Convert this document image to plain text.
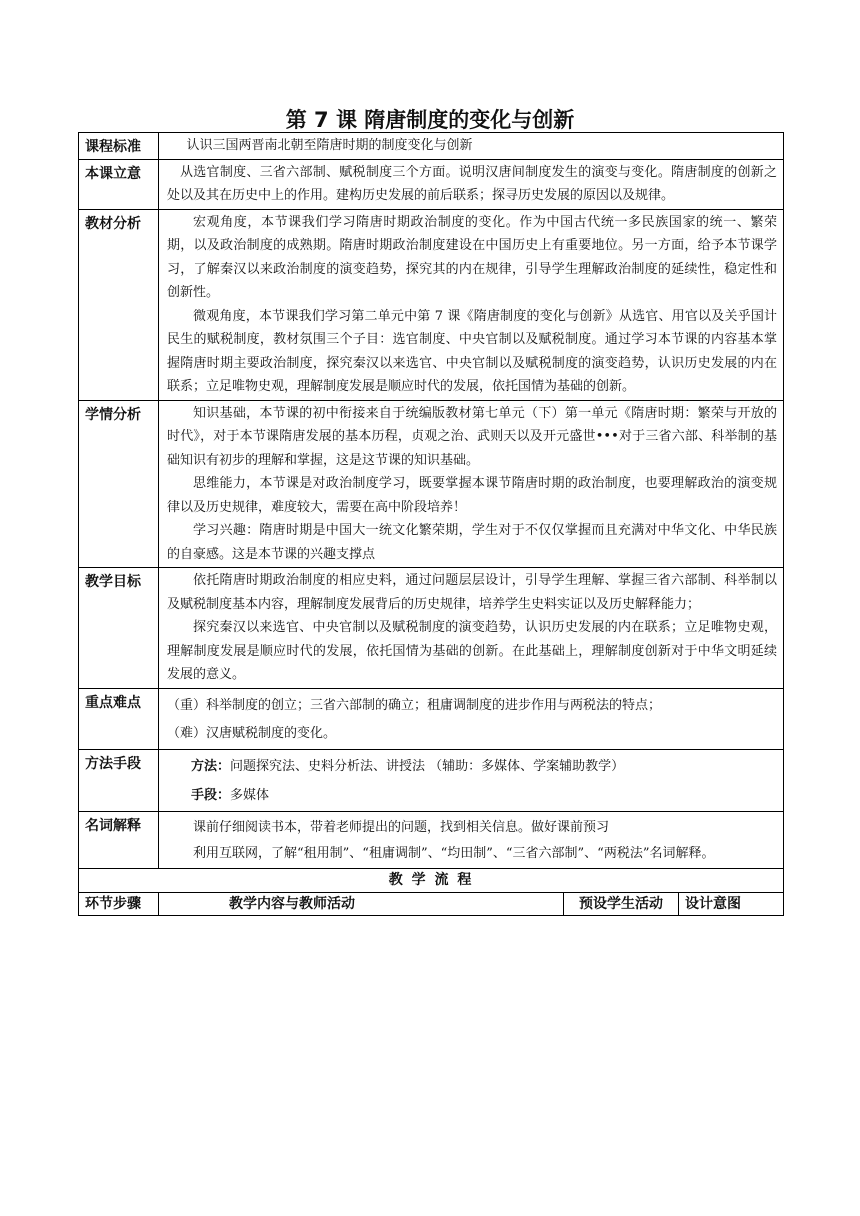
第 7 课 隋唐制度的变化与创新
课程标准	认识三国两晋南北朝至隋唐时期的制度变化与创新		

本课立意	从选官制度、三省六部制、赋税制度三个方面。说明汉唐间制度发生的演变与变化。隋唐制度的创新之处以及其在历史中上的作用。建构历史发展的前后联系；探寻历史发展的原因以及规律。		

教材分析	宏观角度，本节课我们学习隋唐时期政治制度的变化。作为中国古代统一多民族国家的统一、繁荣期，以及政治制度的成熟期。隋唐时期政治制度建设在中国历史上有重要地位。另一方面，给予本节课学习，了解秦汉以来政治制度的演变趋势，探究其的内在规律，引导学生理解政治制度的延续性，稳定性和创新性。

微观角度，本节课我们学习第二单元中第 7 课《隋唐制度的变化与创新》从选官、用官以及关乎国计民生的赋税制度，教材氛围三个子目：选官制度、中央官制以及赋税制度。通过学习本节课的内容基本掌握隋唐时期主要政治制度，探究秦汉以来选官、中央官制以及赋税制度的演变趋势，认识历史发展的内在联系；立足唯物史观，理解制度发展是顺应时代的发展，依托国情为基础的创新。		

学情分析	知识基础，本节课的初中衔接来自于统编版教材第七单元（下）第一单元《隋唐时期：繁荣与开放的时代》，对于本节课隋唐发展的基本历程，贞观之治、武则天以及开元盛世•••对于三省六部、科举制的基础知识有初步的理解和掌握，这是这节课的知识基础。

思维能力，本节课是对政治制度学习，既要掌握本课节隋唐时期的政治制度，也要理解政治的演变规律以及历史规律，难度较大，需要在高中阶段培养！

学习兴趣：隋唐时期是中国大一统文化繁荣期，学生对于不仅仅掌握而且充满对中华文化、中华民族的自豪感。这是本节课的兴趣支撑点		

教学目标	依托隋唐时期政治制度的相应史料，通过问题层层设计，引导学生理解、掌握三省六部制、科举制以及赋税制度基本内容，理解制度发展背后的历史规律，培养学生史料实证以及历史解释能力；

探究秦汉以来选官、中央官制以及赋税制度的演变趋势，认识历史发展的内在联系；立足唯物史观，理解制度发展是顺应时代的发展，依托国情为基础的创新。在此基础上，理解制度创新对于中华文明延续发展的意义。		

重点难点	（重）科举制度的创立；三省六部制的确立；租庸调制度的进步作用与两税法的特点；

（难）汉唐赋税制度的变化。		

方法手段	方法：问题探究法、史料分析法、讲授法 （辅助：多媒体、学案辅助教学）

手段：多媒体		

名词解释	课前仔细阅读书本，带着老师提出的问题，找到相关信息。做好课前预习

利用互联网，了解“租用制”、“租庸调制”、“均田制”、“三省六部制”、“两税法”名词解释。		

教 学 流 程			
环节步骤	教学内容与教师活动	预设学生活动	设计意图
